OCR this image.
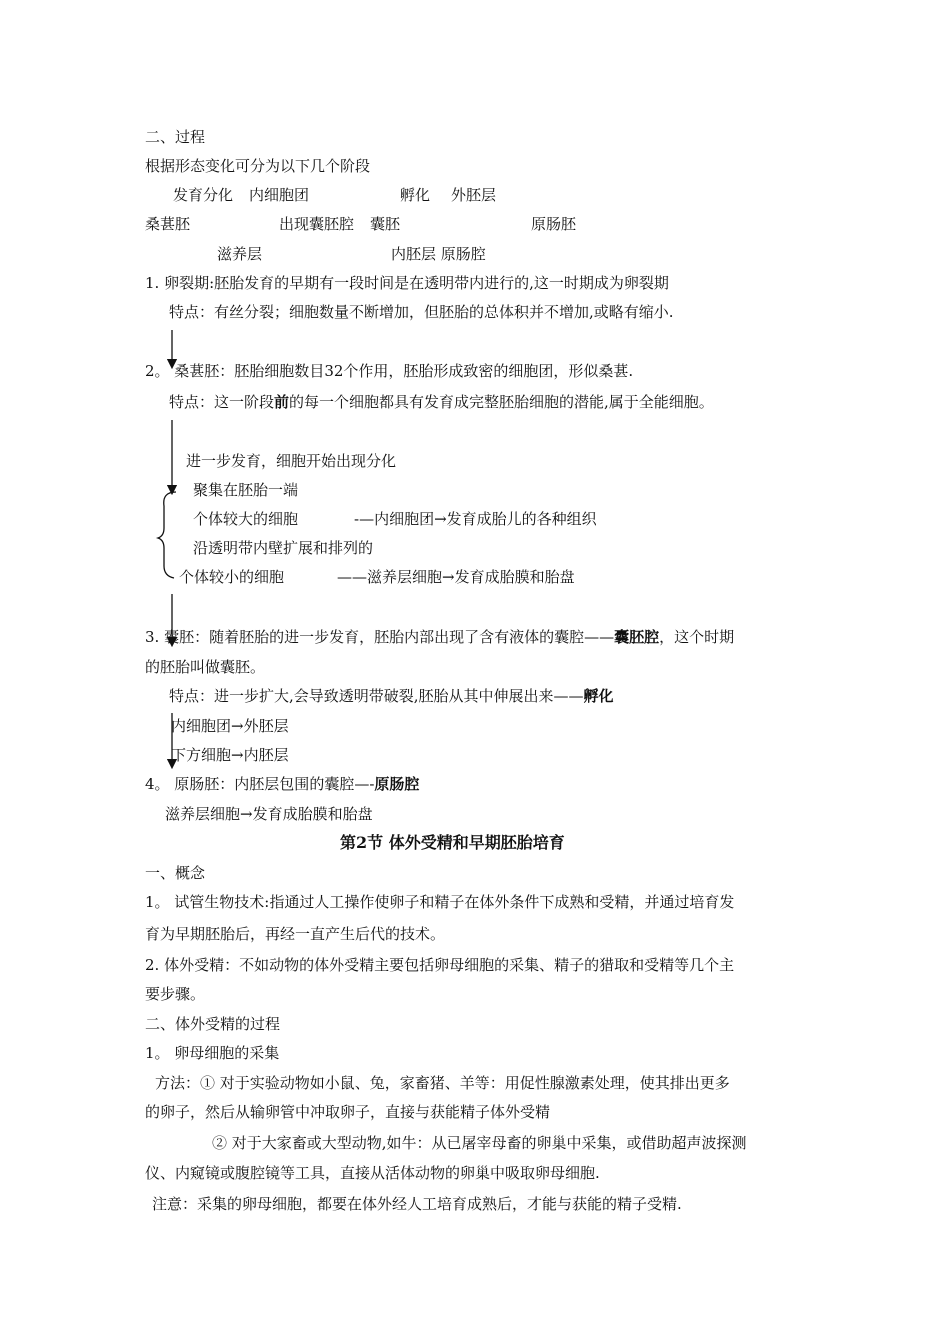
二、过程
根据形态变化可分为以下几个阶段
发育分化 内细胞团	孵化 外胚层
桑葚胚	出现囊胚腔 囊胚	原肠胚
滋养层	内胚层 原肠腔
1. 卵裂期:胚胎发育的早期有一段时间是在透明带内进行的,这一时期成为卵裂期
特点：有丝分裂；细胞数量不断增加，但胚胎的总体积并不增加,或略有缩小.
2。 桑葚胚：胚胎细胞数目32个作用，胚胎形成致密的细胞团，形似桑葚.
特点：这一阶段前的每一个细胞都具有发育成完整胚胎细胞的潜能,属于全能细胞。
进一步发育，细胞开始出现分化
聚集在胚胎一端
个体较大的细胞	-—内细胞团→发育成胎儿的各种组织
沿透明带内壁扩展和排列的
个体较小的细胞	——滋养层细胞→发育成胎膜和胎盘
3. 囊胚：随着胚胎的进一步发育，胚胎内部出现了含有液体的囊腔——囊胚腔，这个时期
的胚胎叫做囊胚。
特点：进一步扩大,会导致透明带破裂,胚胎从其中伸展出来——孵化
内细胞团→外胚层
下方细胞→内胚层
4。 原肠胚：内胚层包围的囊腔—-原肠腔
滋养层细胞→发育成胎膜和胎盘
第2节 体外受精和早期胚胎培育
一、概念
1。 试管生物技术:指通过人工操作使卵子和精子在体外条件下成熟和受精，并通过培育发
育为早期胚胎后，再经一直产生后代的技术。
2. 体外受精：不如动物的体外受精主要包括卵母细胞的采集、精子的猎取和受精等几个主
要步骤。
二、体外受精的过程
1。 卵母细胞的采集
方法：① 对于实验动物如小鼠、兔，家畜猪、羊等：用促性腺激素处理，使其排出更多
的卵子，然后从输卵管中冲取卵子，直接与获能精子体外受精
② 对于大家畜或大型动物,如牛：从已屠宰母畜的卵巢中采集，或借助超声波探测
仪、内窥镜或腹腔镜等工具，直接从活体动物的卵巢中吸取卵母细胞.
注意：采集的卵母细胞，都要在体外经人工培育成熟后，才能与获能的精子受精.
